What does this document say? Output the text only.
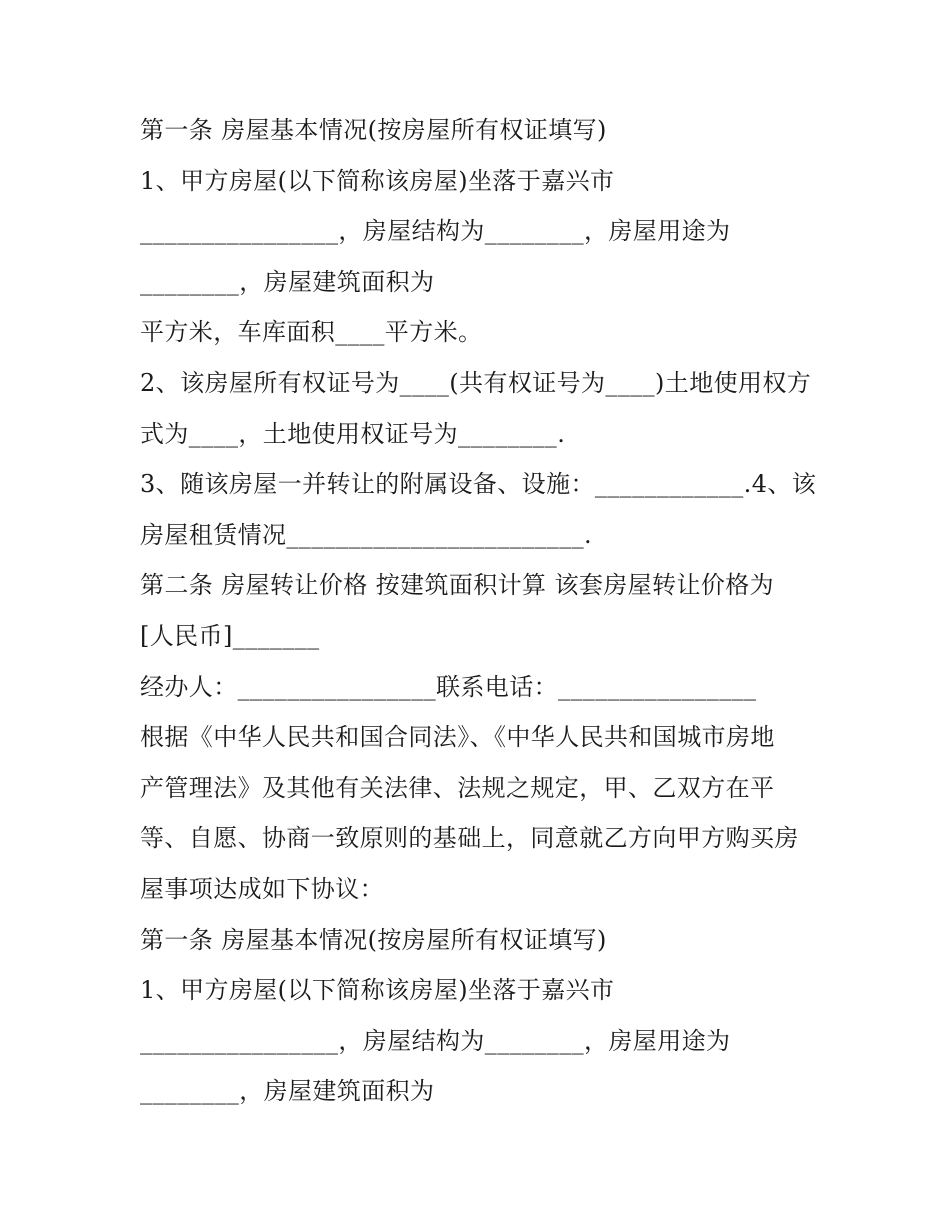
第一条 房屋基本情况(按房屋所有权证填写)
1、甲方房屋(以下简称该房屋)坐落于嘉兴市
________________，房屋结构为________，房屋用途为
________，房屋建筑面积为
平方米，车库面积____平方米。
2、该房屋所有权证号为____(共有权证号为____)土地使用权方
式为____，土地使用权证号为________.
3、随该房屋一并转让的附属设备、设施：____________.4、该
房屋租赁情况________________________.
第二条 房屋转让价格 按建筑面积计算 该套房屋转让价格为
[人民币]_______
经办人：________________联系电话：________________
根据《中华人民共和国合同法》、《中华人民共和国城市房地
产管理法》及其他有关法律、法规之规定，甲、乙双方在平
等、自愿、协商一致原则的基础上，同意就乙方向甲方购买房
屋事项达成如下协议：
第一条 房屋基本情况(按房屋所有权证填写)
1、甲方房屋(以下简称该房屋)坐落于嘉兴市
________________，房屋结构为________，房屋用途为
________，房屋建筑面积为
